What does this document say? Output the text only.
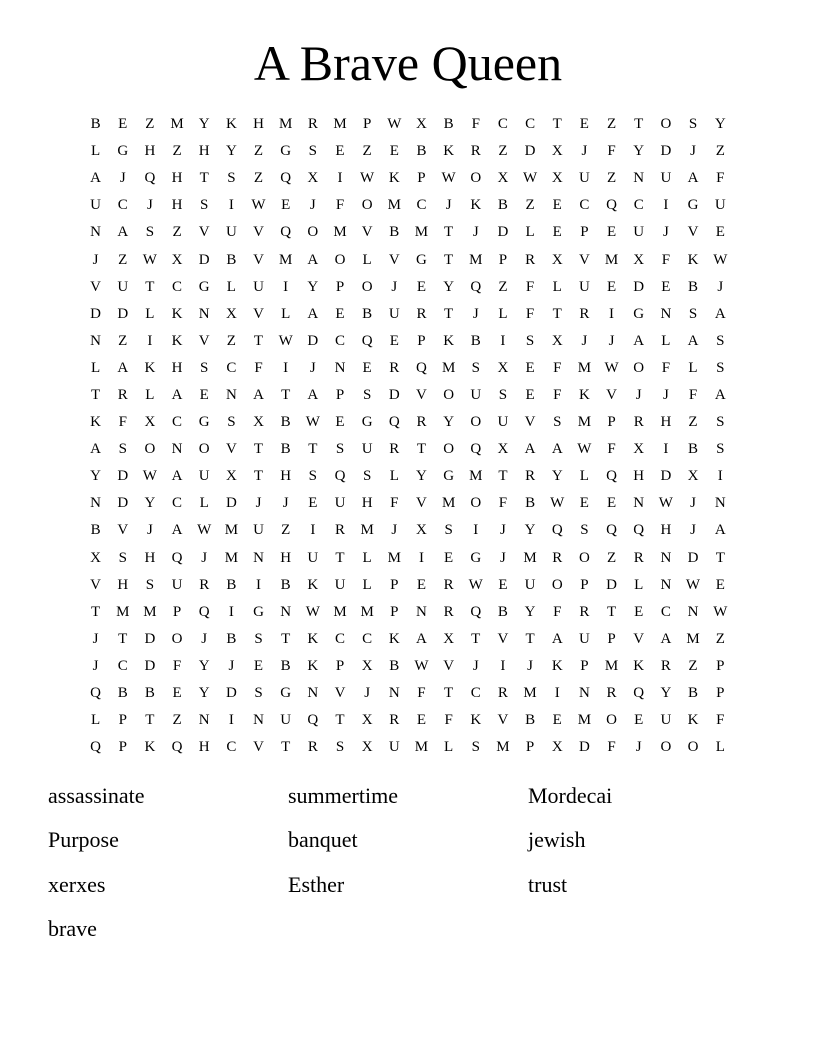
A Brave Queen
B	E	Z	M	Y	K	H	M	R	M	P	W	X	B	F	C	C	T	E	Z	T	O	S	Y
L	G	H	Z	H	Y	Z	G	S	E	Z	E	B	K	R	Z	D	X	J	F	Y	D	J	Z
A	J	Q	H	T	S	Z	Q	X	I	W	K	P	W	O	X	W	X	U	Z	N	U	A	F
U	C	J	H	S	I	W	E	J	F	O	M	C	J	K	B	Z	E	C	Q	C	I	G	U
N	A	S	Z	V	U	V	Q	O	M	V	B	M	T	J	D	L	E	P	E	U	J	V	E
J	Z	W	X	D	B	V	M	A	O	L	V	G	T	M	P	R	X	V	M	X	F	K	W
V	U	T	C	G	L	U	I	Y	P	O	J	E	Y	Q	Z	F	L	U	E	D	E	B	J
D	D	L	K	N	X	V	L	A	E	B	U	R	T	J	L	F	T	R	I	G	N	S	A
N	Z	I	K	V	Z	T	W	D	C	Q	E	P	K	B	I	S	X	J	J	A	L	A	S
L	A	K	H	S	C	F	I	J	N	E	R	Q	M	S	X	E	F	M	W	O	F	L	S
T	R	L	A	E	N	A	T	A	P	S	D	V	O	U	S	E	F	K	V	J	J	F	A
K	F	X	C	G	S	X	B	W	E	G	Q	R	Y	O	U	V	S	M	P	R	H	Z	S
A	S	O	N	O	V	T	B	T	S	U	R	T	O	Q	X	A	A	W	F	X	I	B	S
Y	D	W	A	U	X	T	H	S	Q	S	L	Y	G	M	T	R	Y	L	Q	H	D	X	I
N	D	Y	C	L	D	J	J	E	U	H	F	V	M	O	F	B	W	E	E	N	W	J	N
B	V	J	A	W	M	U	Z	I	R	M	J	X	S	I	J	Y	Q	S	Q	Q	H	J	A
X	S	H	Q	J	M	N	H	U	T	L	M	I	E	G	J	M	R	O	Z	R	N	D	T
V	H	S	U	R	B	I	B	K	U	L	P	E	R	W	E	U	O	P	D	L	N	W	E
T	M	M	P	Q	I	G	N	W	M	M	P	N	R	Q	B	Y	F	R	T	E	C	N	W
J	T	D	O	J	B	S	T	K	C	C	K	A	X	T	V	T	A	U	P	V	A	M	Z
J	C	D	F	Y	J	E	B	K	P	X	B	W	V	J	I	J	K	P	M	K	R	Z	P
Q	B	B	E	Y	D	S	G	N	V	J	N	F	T	C	R	M	I	N	R	Q	Y	B	P
L	P	T	Z	N	I	N	U	Q	T	X	R	E	F	K	V	B	E	M	O	E	U	K	F
Q	P	K	Q	H	C	V	T	R	S	X	U	M	L	S	M	P	X	D	F	J	O	O	L
assassinate	summertime	Mordecai
Purpose	banquet	jewish
xerxes	Esther	trust
brave
